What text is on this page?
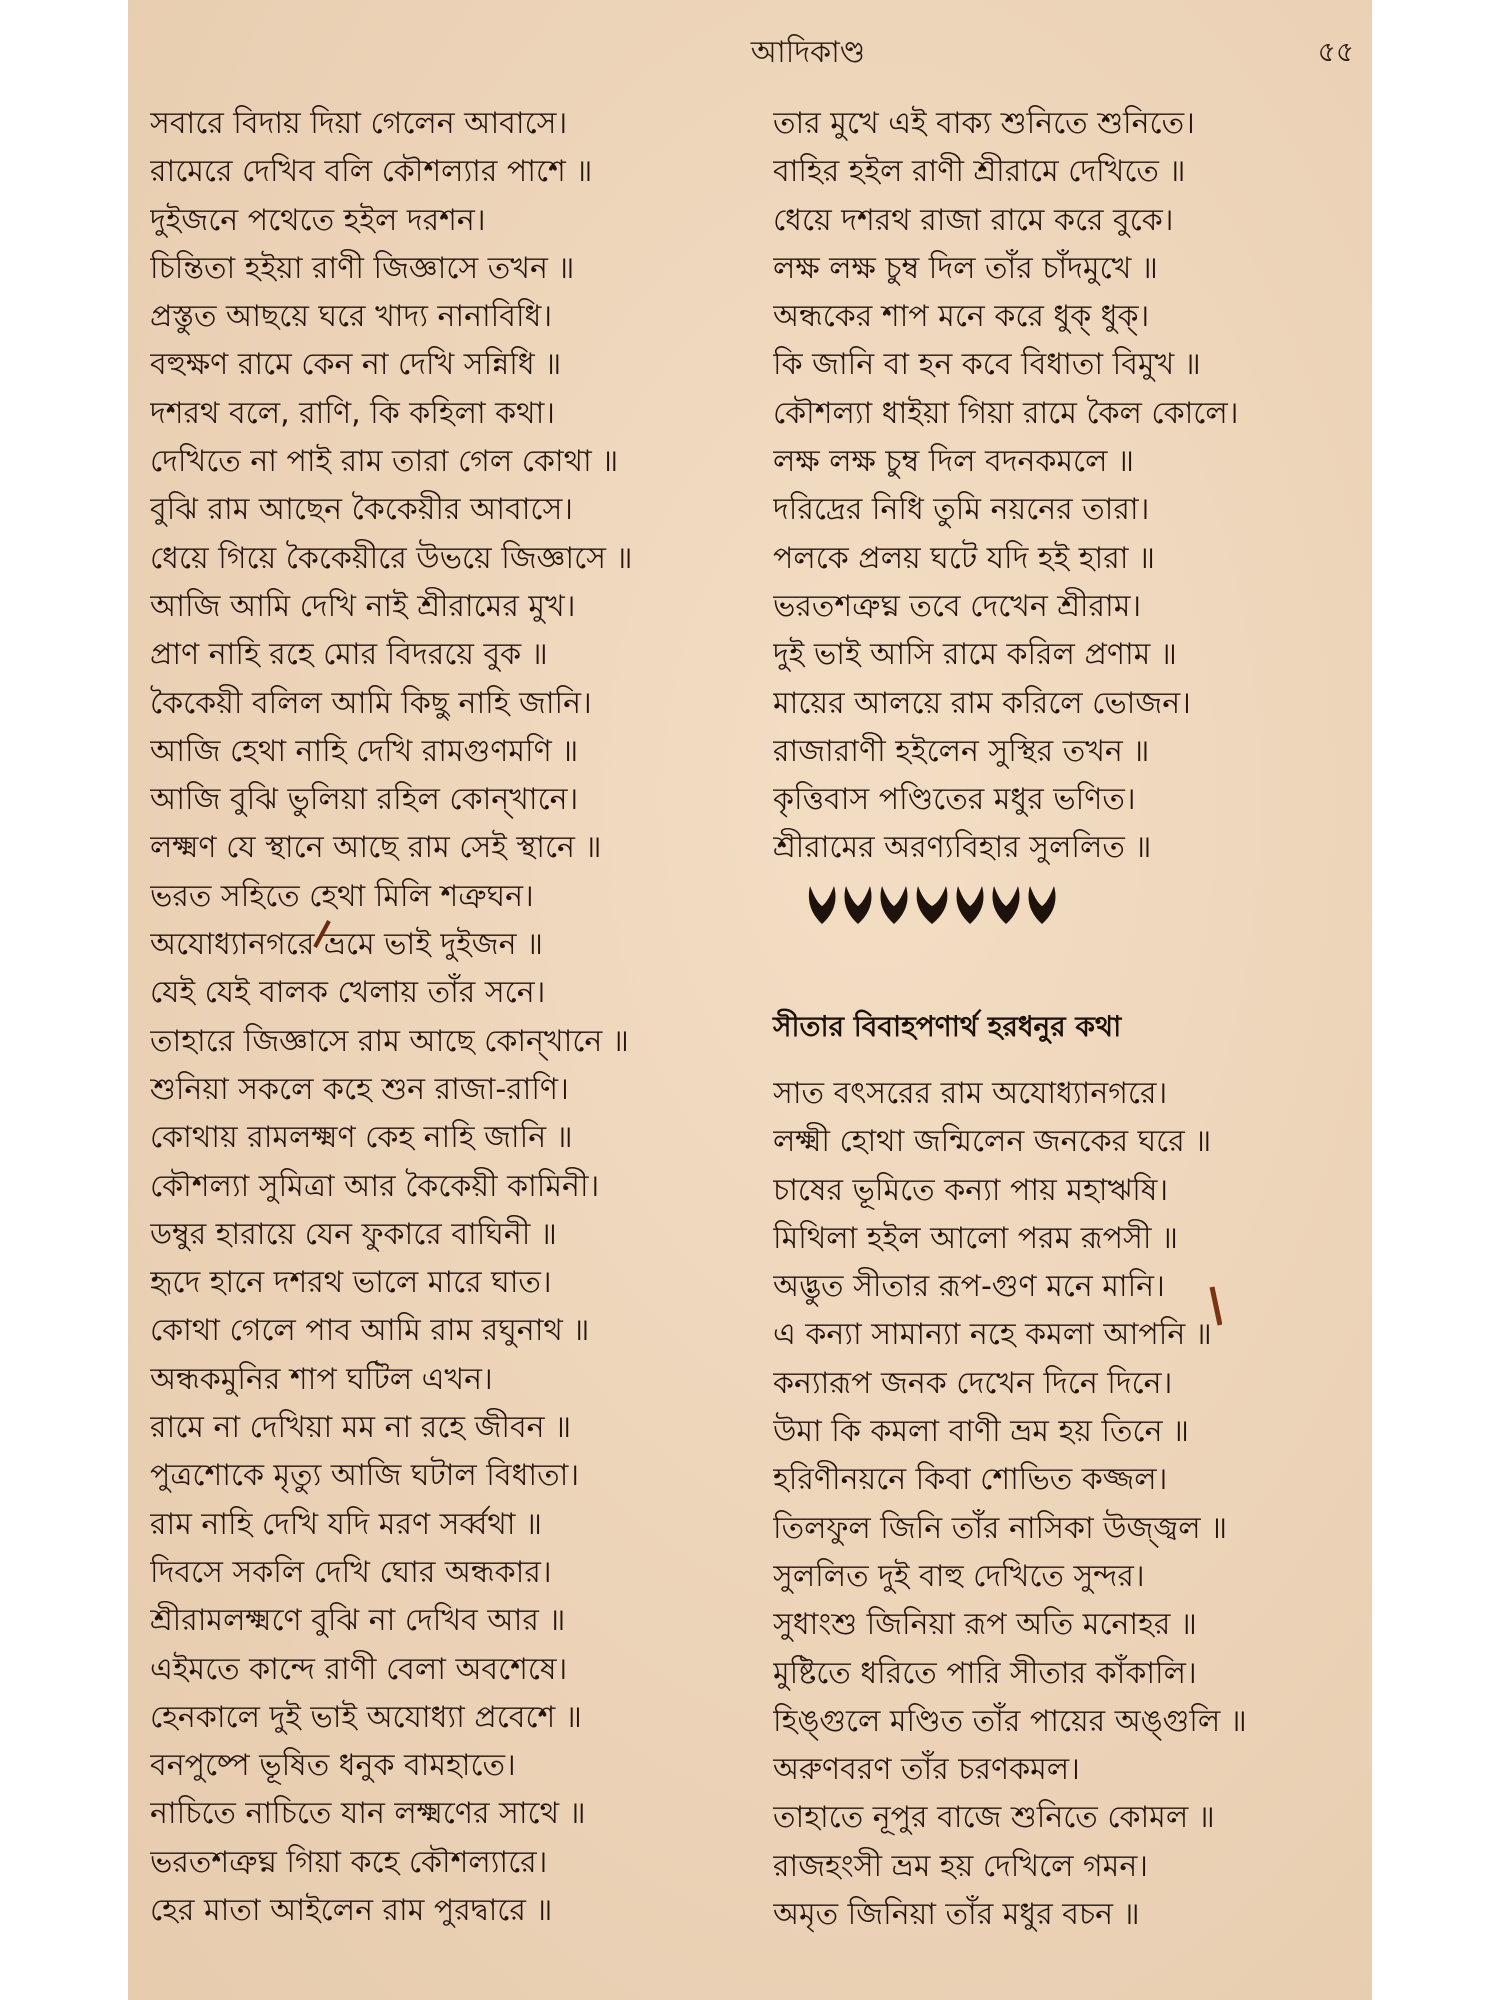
আদিকাণ্ড	৫৫
সবারে বিদায় দিয়া গেলেন আবাসে।
রামেরে দেখিব বলি কৌশল্যার পাশে ॥
দুইজনে পথেতে হইল দরশন।
চিন্তিতা হইয়া রাণী জিজ্ঞাসে তখন ॥
প্রস্তুত আছয়ে ঘরে খাদ্য নানাবিধি।
বহুক্ষণ রামে কেন না দেখি সন্নিধি ॥
দশরথ বলে, রাণি, কি কহিলা কথা।
দেখিতে না পাই রাম তারা গেল কোথা ॥
বুঝি রাম আছেন কৈকেয়ীর আবাসে।
ধেয়ে গিয়ে কৈকেয়ীরে উভয়ে জিজ্ঞাসে ॥
আজি আমি দেখি নাই শ্রীরামের মুখ।
প্রাণ নাহি রহে মোর বিদরয়ে বুক ॥
কৈকেয়ী বলিল আমি কিছু নাহি জানি।
আজি হেথা নাহি দেখি রামগুণমণি ॥
আজি বুঝি ভুলিয়া রহিল কোন্‌খানে।
লক্ষ্মণ যে স্থানে আছে রাম সেই স্থানে ॥
ভরত সহিতে হেথা মিলি শত্রুঘন।
অযোধ্যানগরে ভ্রমে ভাই দুইজন ॥
যেই যেই বালক খেলায় তাঁর সনে।
তাহারে জিজ্ঞাসে রাম আছে কোন্‌খানে ॥
শুনিয়া সকলে কহে শুন রাজা-রাণি।
কোথায় রামলক্ষ্মণ কেহ নাহি জানি ॥
কৌশল্যা সুমিত্রা আর কৈকেয়ী কামিনী।
ডম্বুর হারায়ে যেন ফুকারে বাঘিনী ॥
হৃদে হানে দশরথ ভালে মারে ঘাত।
কোথা গেলে পাব আমি রাম রঘুনাথ ॥
অন্ধকমুনির শাপ ঘটিল এখন।
রামে না দেখিয়া মম না রহে জীবন ॥
পুত্রশোকে মৃত্যু আজি ঘটাল বিধাতা।
রাম নাহি দেখি যদি মরণ সর্ব্বথা ॥
দিবসে সকলি দেখি ঘোর অন্ধকার।
শ্রীরামলক্ষ্মণে বুঝি না দেখিব আর ॥
এইমতে কান্দে রাণী বেলা অবশেষে।
হেনকালে দুই ভাই অযোধ্যা প্রবেশে ॥
বনপুষ্পে ভূষিত ধনুক বামহাতে।
নাচিতে নাচিতে যান লক্ষ্মণের সাথে ॥
ভরতশত্রুঘ্ন গিয়া কহে কৌশল্যারে।
হের মাতা আইলেন রাম পুরদ্বারে ॥
তার মুখে এই বাক্য শুনিতে শুনিতে।
বাহির হইল রাণী শ্রীরামে দেখিতে ॥
ধেয়ে দশরথ রাজা রামে করে বুকে।
লক্ষ লক্ষ চুম্ব দিল তাঁর চাঁদমুখে ॥
অন্ধকের শাপ মনে করে ধুক্ ধুক্।
কি জানি বা হন কবে বিধাতা বিমুখ ॥
কৌশল্যা ধাইয়া গিয়া রামে কৈল কোলে।
লক্ষ লক্ষ চুম্ব দিল বদনকমলে ॥
দরিদ্রের নিধি তুমি নয়নের তারা।
পলকে প্রলয় ঘটে যদি হই হারা ॥
ভরতশত্রুঘ্ন তবে দেখেন শ্রীরাম।
দুই ভাই আসি রামে করিল প্রণাম ॥
মায়ের আলয়ে রাম করিলে ভোজন।
রাজারাণী হইলেন সুস্থির তখন ॥
কৃত্তিবাস পণ্ডিতের মধুর ভণিত।
শ্রীরামের অরণ্যবিহার সুললিত ॥
সীতার বিবাহপণার্থ হরধনুর কথা
সাত বৎসরের রাম অযোধ্যানগরে।
লক্ষ্মী হোথা জন্মিলেন জনকের ঘরে ॥
চাষের ভূমিতে কন্যা পায় মহাঋষি।
মিথিলা হইল আলো পরম রূপসী ॥
অদ্ভুত সীতার রূপ-গুণ মনে মানি।
এ কন্যা সামান্যা নহে কমলা আপনি ॥
কন্যারূপ জনক দেখেন দিনে দিনে।
উমা কি কমলা বাণী ভ্রম হয় তিনে ॥
হরিণীনয়নে কিবা শোভিত কজ্জল।
তিলফুল জিনি তাঁর নাসিকা উজ্জ্বল ॥
সুললিত দুই বাহু দেখিতে সুন্দর।
সুধাংশু জিনিয়া রূপ অতি মনোহর ॥
মুষ্টিতে ধরিতে পারি সীতার কাঁকালি।
হিঙ্গুলে মণ্ডিত তাঁর পায়ের অঙ্গুলি ॥
অরুণবরণ তাঁর চরণকমল।
তাহাতে নূপুর বাজে শুনিতে কোমল ॥
রাজহংসী ভ্রম হয় দেখিলে গমন।
অমৃত জিনিয়া তাঁর মধুর বচন ॥
